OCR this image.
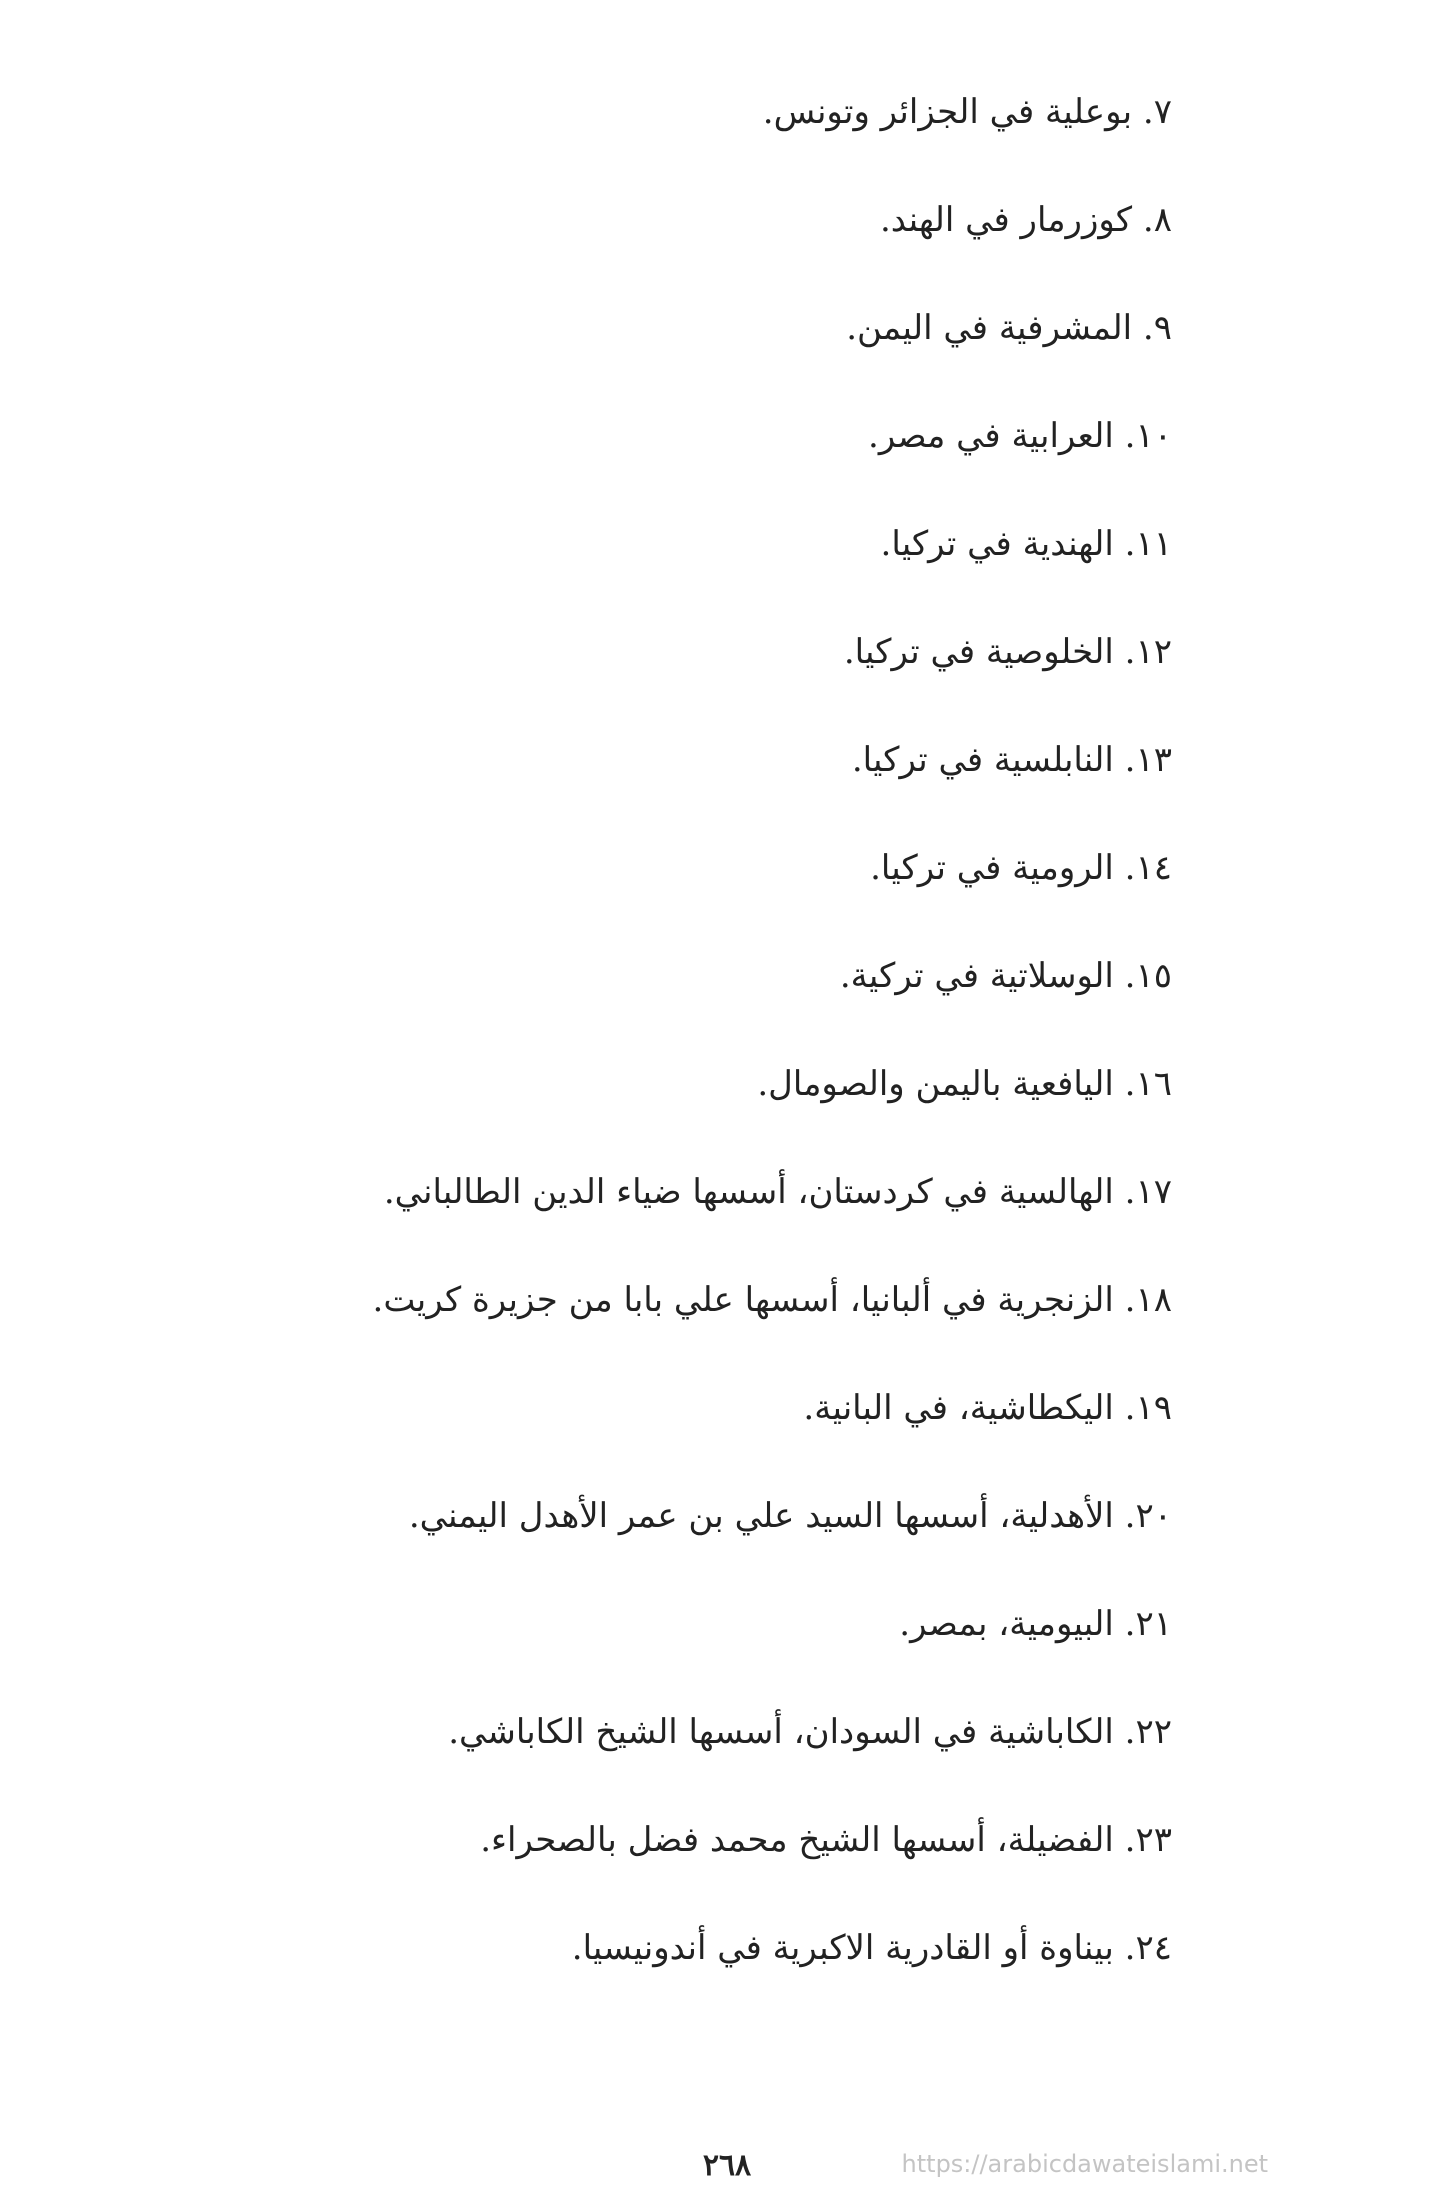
٧. بوعلية في الجزائر وتونس.
٨. كوزرمار في الهند.
٩. المشرفية في اليمن.
١٠. العرابية في مصر.
١١. الهندية في تركيا.
١٢. الخلوصية في تركيا.
١٣. النابلسية في تركيا.
١٤. الرومية في تركيا.
١٥. الوسلاتية في تركية.
١٦. اليافعية باليمن والصومال.
١٧. الهالسية في كردستان، أسسها ضياء الدين الطالباني.
١٨. الزنجرية في ألبانيا، أسسها علي بابا من جزيرة كريت.
١٩. اليكطاشية، في البانية.
٢٠. الأهدلية، أسسها السيد علي بن عمر الأهدل اليمني.
٢١. البيومية، بمصر.
٢٢. الكاباشية في السودان، أسسها الشيخ الكاباشي.
٢٣. الفضيلة، أسسها الشيخ محمد فضل بالصحراء.
٢٤. بيناوة أو القادرية الاكبرية في أندونيسيا.
٢٦٨	https://arabicdawateislami.net
